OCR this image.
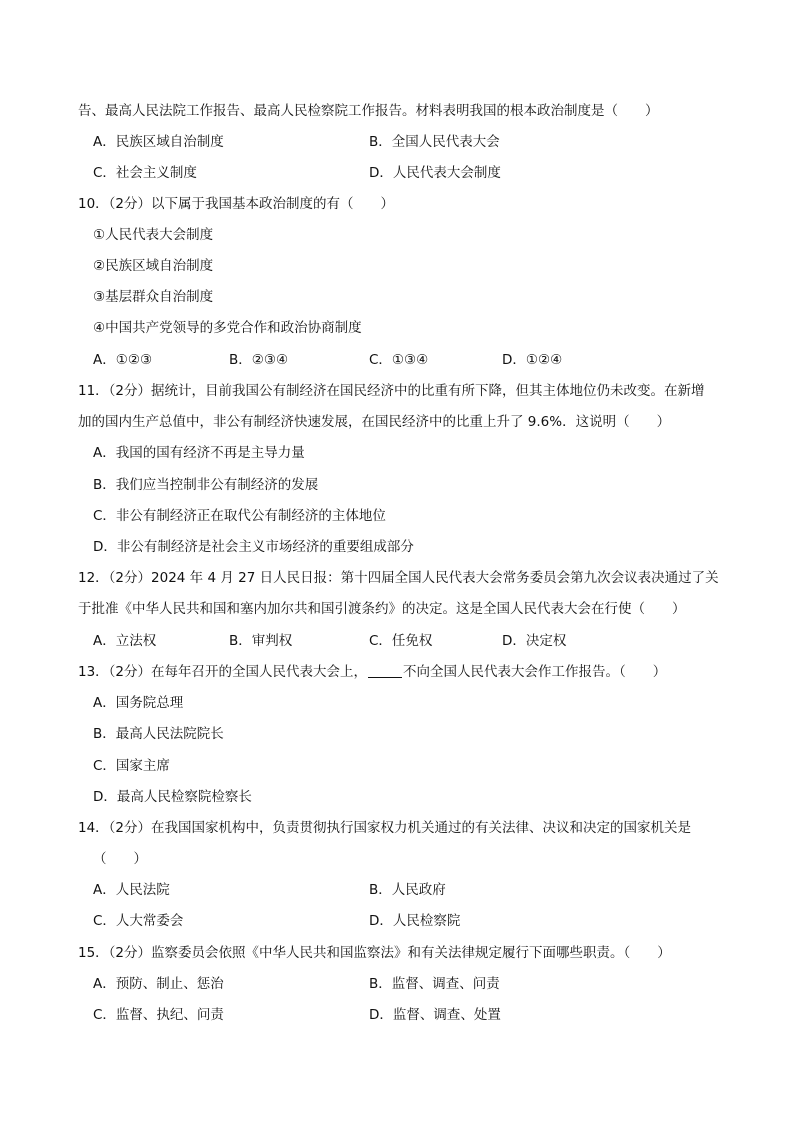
告、最高人民法院工作报告、最高人民检察院工作报告。材料表明我国的根本政治制度是（　　）
A．民族区域自治制度	B．全国人民代表大会
C．社会主义制度	D．人民代表大会制度
10．（2分）以下属于我国基本政治制度的有（　　）
①人民代表大会制度
②民族区域自治制度
③基层群众自治制度
④中国共产党领导的多党合作和政治协商制度
A．①②③	B．②③④	C．①③④	D．①②④
11．（2分）据统计，目前我国公有制经济在国民经济中的比重有所下降，但其主体地位仍未改变。在新增
加的国内生产总值中，非公有制经济快速发展，在国民经济中的比重上升了 9.6%．这说明（　　）
A．我国的国有经济不再是主导力量
B．我们应当控制非公有制经济的发展
C．非公有制经济正在取代公有制经济的主体地位
D．非公有制经济是社会主义市场经济的重要组成部分
12．（2分）2024 年 4 月 27 日人民日报：第十四届全国人民代表大会常务委员会第九次会议表决通过了关
于批准《中华人民共和国和塞内加尔共和国引渡条约》的决定。这是全国人民代表大会在行使（　　）
A．立法权	B．审判权	C．任免权	D．决定权
13．（2分）在每年召开的全国人民代表大会上，	不向全国人民代表大会作工作报告。（　　）
A．国务院总理
B．最高人民法院院长
C．国家主席
D．最高人民检察院检察长
14．（2分）在我国国家机构中，负责贯彻执行国家权力机关通过的有关法律、决议和决定的国家机关是
（　　）
A．人民法院	B．人民政府
C．人大常委会	D．人民检察院
15．（2分）监察委员会依照《中华人民共和国监察法》和有关法律规定履行下面哪些职责。（　　）
A．预防、制止、惩治	B．监督、调查、问责
C．监督、执纪、问责	D．监督、调查、处置
